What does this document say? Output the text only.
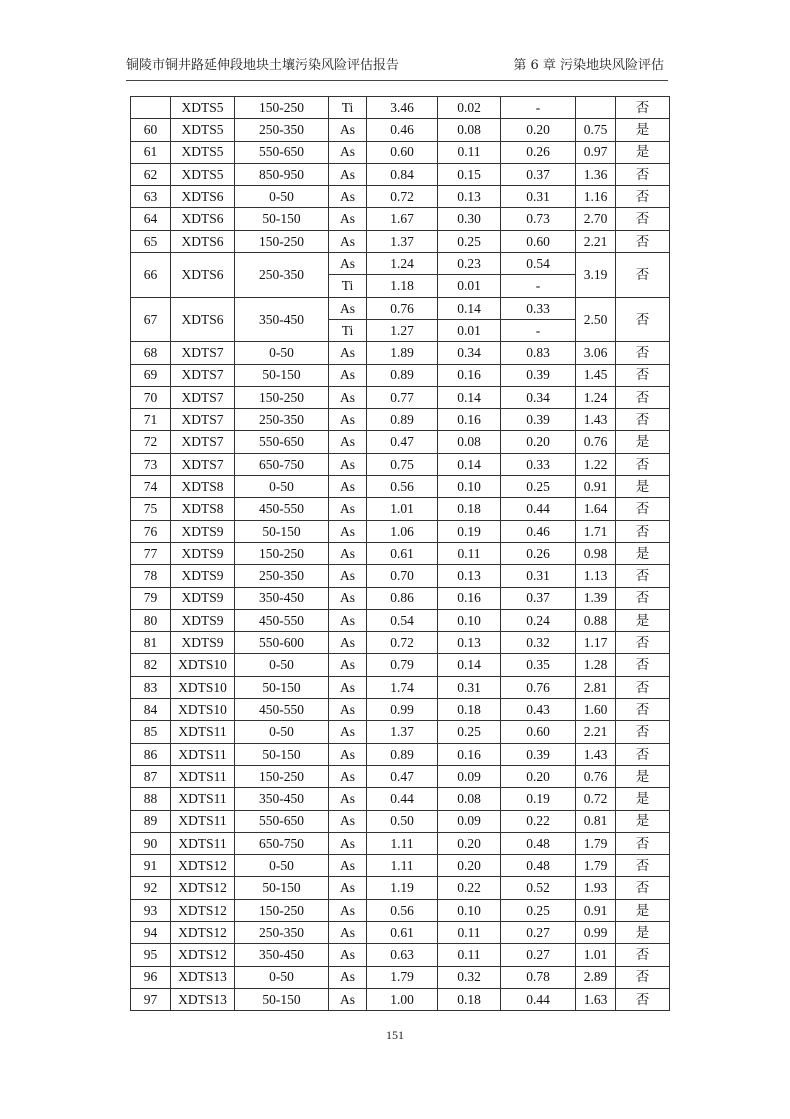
铜陵市铜井路延伸段地块土壤污染风险评估报告	第 6 章 污染地块风险评估
	XDTS5	150-250	Ti	3.46	0.02	-		否
60	XDTS5	250-350	As	0.46	0.08	0.20	0.75	是
61	XDTS5	550-650	As	0.60	0.11	0.26	0.97	是
62	XDTS5	850-950	As	0.84	0.15	0.37	1.36	否
63	XDTS6	0-50	As	0.72	0.13	0.31	1.16	否
64	XDTS6	50-150	As	1.67	0.30	0.73	2.70	否
65	XDTS6	150-250	As	1.37	0.25	0.60	2.21	否
66	XDTS6	250-350	As	1.24	0.23	0.54	3.19	否
			Ti	1.18	0.01	-		
67	XDTS6	350-450	As	0.76	0.14	0.33	2.50	否
			Ti	1.27	0.01	-		
68	XDTS7	0-50	As	1.89	0.34	0.83	3.06	否
69	XDTS7	50-150	As	0.89	0.16	0.39	1.45	否
70	XDTS7	150-250	As	0.77	0.14	0.34	1.24	否
71	XDTS7	250-350	As	0.89	0.16	0.39	1.43	否
72	XDTS7	550-650	As	0.47	0.08	0.20	0.76	是
73	XDTS7	650-750	As	0.75	0.14	0.33	1.22	否
74	XDTS8	0-50	As	0.56	0.10	0.25	0.91	是
75	XDTS8	450-550	As	1.01	0.18	0.44	1.64	否
76	XDTS9	50-150	As	1.06	0.19	0.46	1.71	否
77	XDTS9	150-250	As	0.61	0.11	0.26	0.98	是
78	XDTS9	250-350	As	0.70	0.13	0.31	1.13	否
79	XDTS9	350-450	As	0.86	0.16	0.37	1.39	否
80	XDTS9	450-550	As	0.54	0.10	0.24	0.88	是
81	XDTS9	550-600	As	0.72	0.13	0.32	1.17	否
82	XDTS10	0-50	As	0.79	0.14	0.35	1.28	否
83	XDTS10	50-150	As	1.74	0.31	0.76	2.81	否
84	XDTS10	450-550	As	0.99	0.18	0.43	1.60	否
85	XDTS11	0-50	As	1.37	0.25	0.60	2.21	否
86	XDTS11	50-150	As	0.89	0.16	0.39	1.43	否
87	XDTS11	150-250	As	0.47	0.09	0.20	0.76	是
88	XDTS11	350-450	As	0.44	0.08	0.19	0.72	是
89	XDTS11	550-650	As	0.50	0.09	0.22	0.81	是
90	XDTS11	650-750	As	1.11	0.20	0.48	1.79	否
91	XDTS12	0-50	As	1.11	0.20	0.48	1.79	否
92	XDTS12	50-150	As	1.19	0.22	0.52	1.93	否
93	XDTS12	150-250	As	0.56	0.10	0.25	0.91	是
94	XDTS12	250-350	As	0.61	0.11	0.27	0.99	是
95	XDTS12	350-450	As	0.63	0.11	0.27	1.01	否
96	XDTS13	0-50	As	1.79	0.32	0.78	2.89	否
97	XDTS13	50-150	As	1.00	0.18	0.44	1.63	否
151
